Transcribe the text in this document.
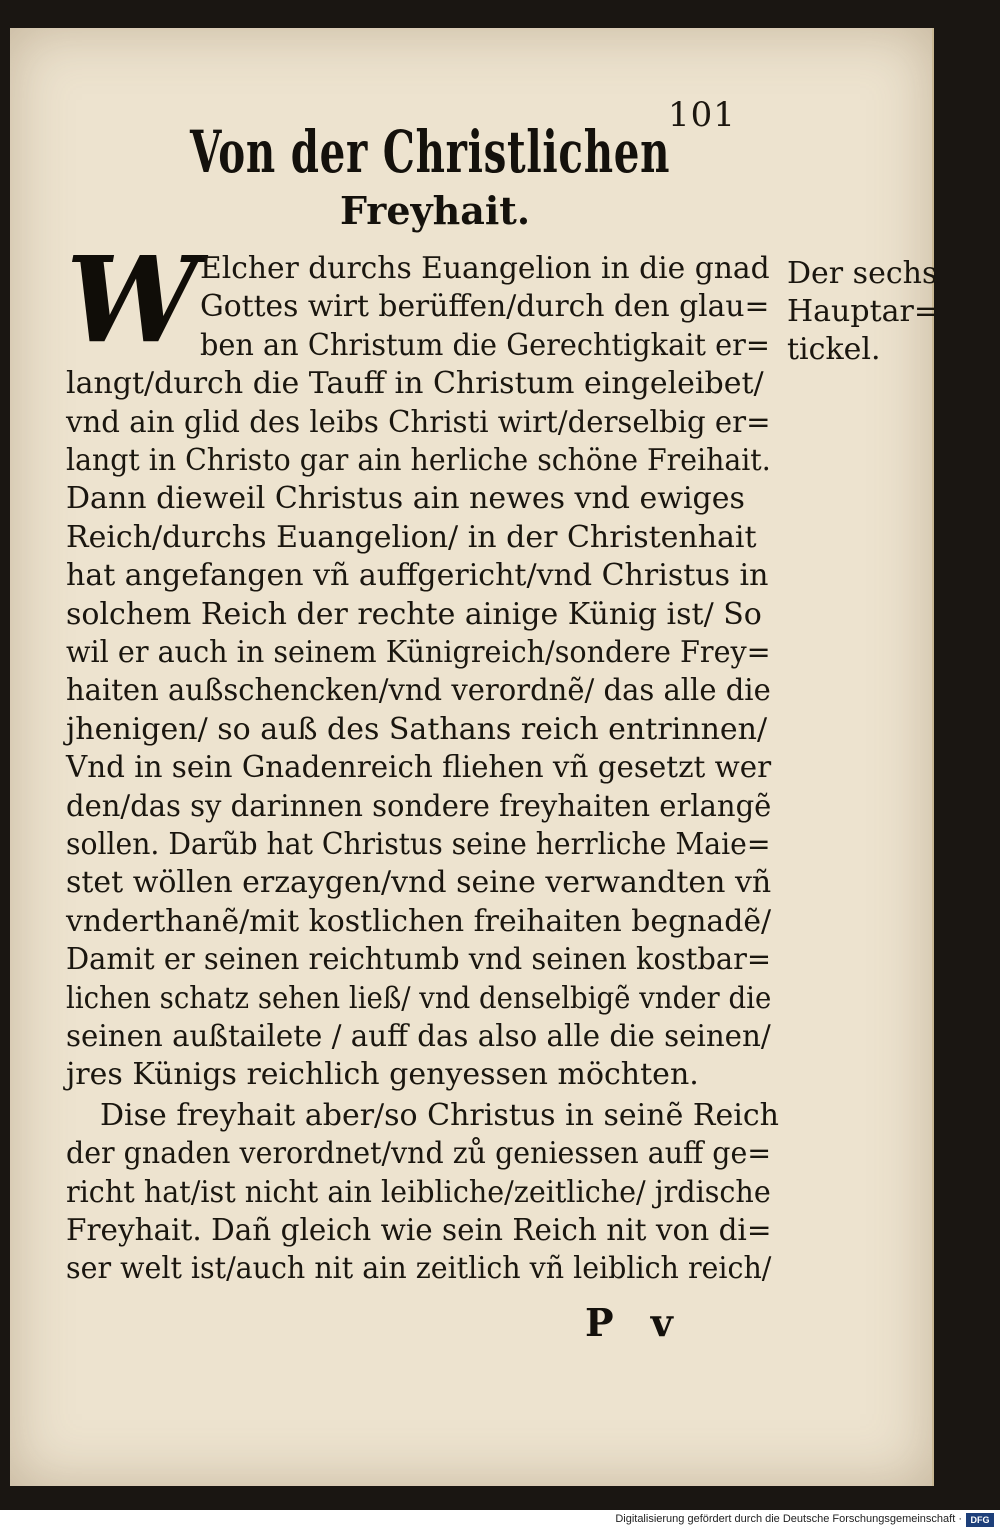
101
Von der Christlichen
Freyhait.
W Elcher durchs Euangelion in die gnad
Gottes wirt berüffen/durch den glau=
ben an Christum die Gerechtigkait er=
langt/durch die Tauff in Christum eingeleibet/
vnd ain glid des leibs Christi wirt/derselbig er=
langt in Christo gar ain herliche schöne Freihait.
Dann dieweil Christus ain newes vnd ewiges
Reich/durchs Euangelion/ in der Christenhait
hat angefangen vñ auffgericht/vnd Christus in
solchem Reich der rechte ainige Künig ist/ So
wil er auch in seinem Künigreich/sondere Frey=
haiten außschencken/vnd verordnẽ/ das alle die
jhenigen/ so auß des Sathans reich entrinnen/
Vnd in sein Gnadenreich fliehen vñ gesetzt wer
den/das sy darinnen sondere freyhaiten erlangẽ
sollen. Darũb hat Christus seine herrliche Maie=
stet wöllen erzaygen/vnd seine verwandten vñ
vnderthanẽ/mit kostlichen freihaiten begnadẽ/
Damit er seinen reichtumb vnd seinen kostbar=
lichen schatz sehen ließ/ vnd denselbigẽ vnder die
seinen außtailete / auff das also alle die seinen/
jres Künigs reichlich genyessen möchten.
Dise freyhait aber/so Christus in seinẽ Reich
der gnaden verordnet/vnd zů geniessen auff ge=
richt hat/ist nicht ain leibliche/zeitliche/ jrdische
Freyhait. Dañ gleich wie sein Reich nit von di=
ser welt ist/auch nit ain zeitlich vñ leiblich reich/
Der sechs
Hauptar=
tickel.
P v
Digitalisierung gefördert durch die Deutsche Forschungsgemeinschaft · DFG
